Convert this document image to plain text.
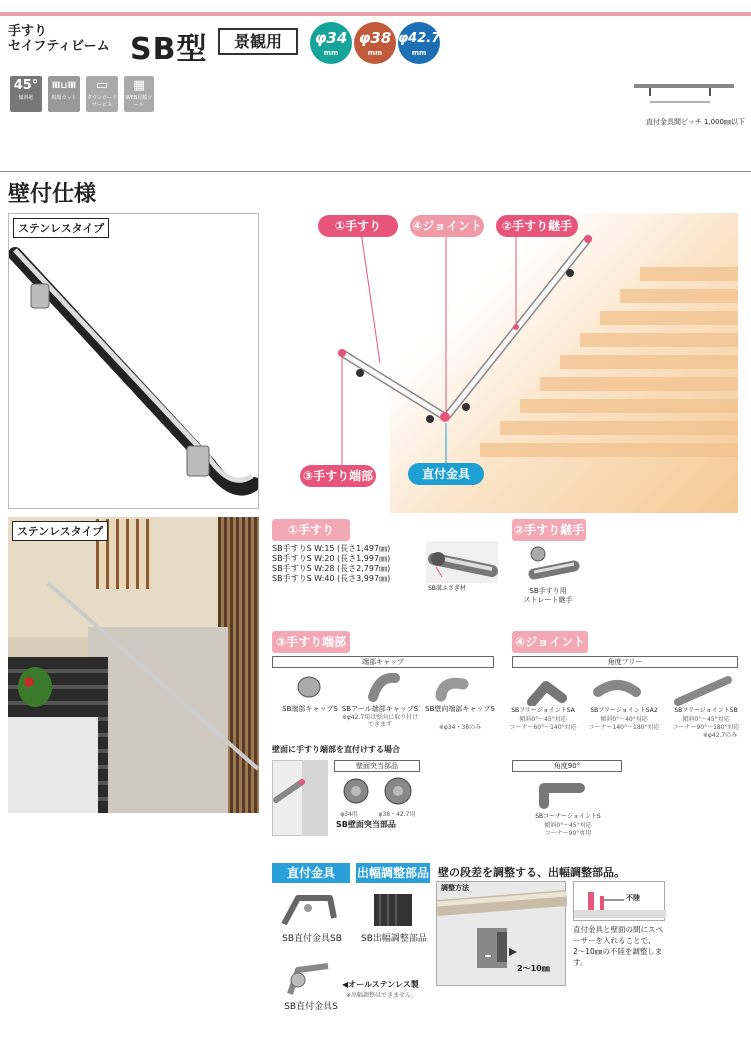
手すり
セイフティビーム SB型	景観用	φ34
mm
φ38
mm
φ42.7
mm
45°
傾斜地
Ⅲ⊔Ⅲ
現場カット
▭
ダウンロードサービス
▦
WEB見積ツール
直付金具間ピッチ 1,000㎜以下
壁付仕様
ステンレスタイプ
ステンレスタイプ
①手すり	④ジョイント	②手すり継手
③手すり端部	直付金具
①手すり
SB手すりS W:15 (長さ1,497㎜)
SB手すりS W:20 (長さ1,997㎜)
SB手すりS W:28 (長さ2,797㎜)
SB手すりS W:40 (長さ3,997㎜)
SB溝ふさぎ材
②手すり継手
SB手すり用
ストレート継手
③手すり端部
端部キャップ
SB端部キャップS SBアール端部キャップS
※φ42.7用は壁向に取り付けできます
SB壁向端部キャップS
※φ34・38のみ
壁面に手すり端部を直付けする場合
壁面突当部品
φ34用	φ38・42.7用
SB壁面突当部品
④ジョイント
角度フリー
SBフリージョイントSA
傾斜0°〜45°対応
コーナー60°〜140°対応
SBフリージョイントSA2
傾斜0°〜40°対応
コーナー140°〜180°対応
SBフリージョイントSB
傾斜0°〜45°対応
コーナー90°〜180°対応
※φ42.7のみ
角度90°
SBコーナージョイントS
傾斜0°〜45°対応
コーナー90°専用
直付金具	出幅調整部品
SB直付金具SB	SB出幅調整部品
SB直付金具S
◀オールステンレス製
※出幅調整はできません。
壁の段差を調整する、出幅調整部品。
調整方法
2〜10㎜
不陸
直付金具と壁面の間にスペーサーを入れることで、2〜10㎜の不陸を調整します。
